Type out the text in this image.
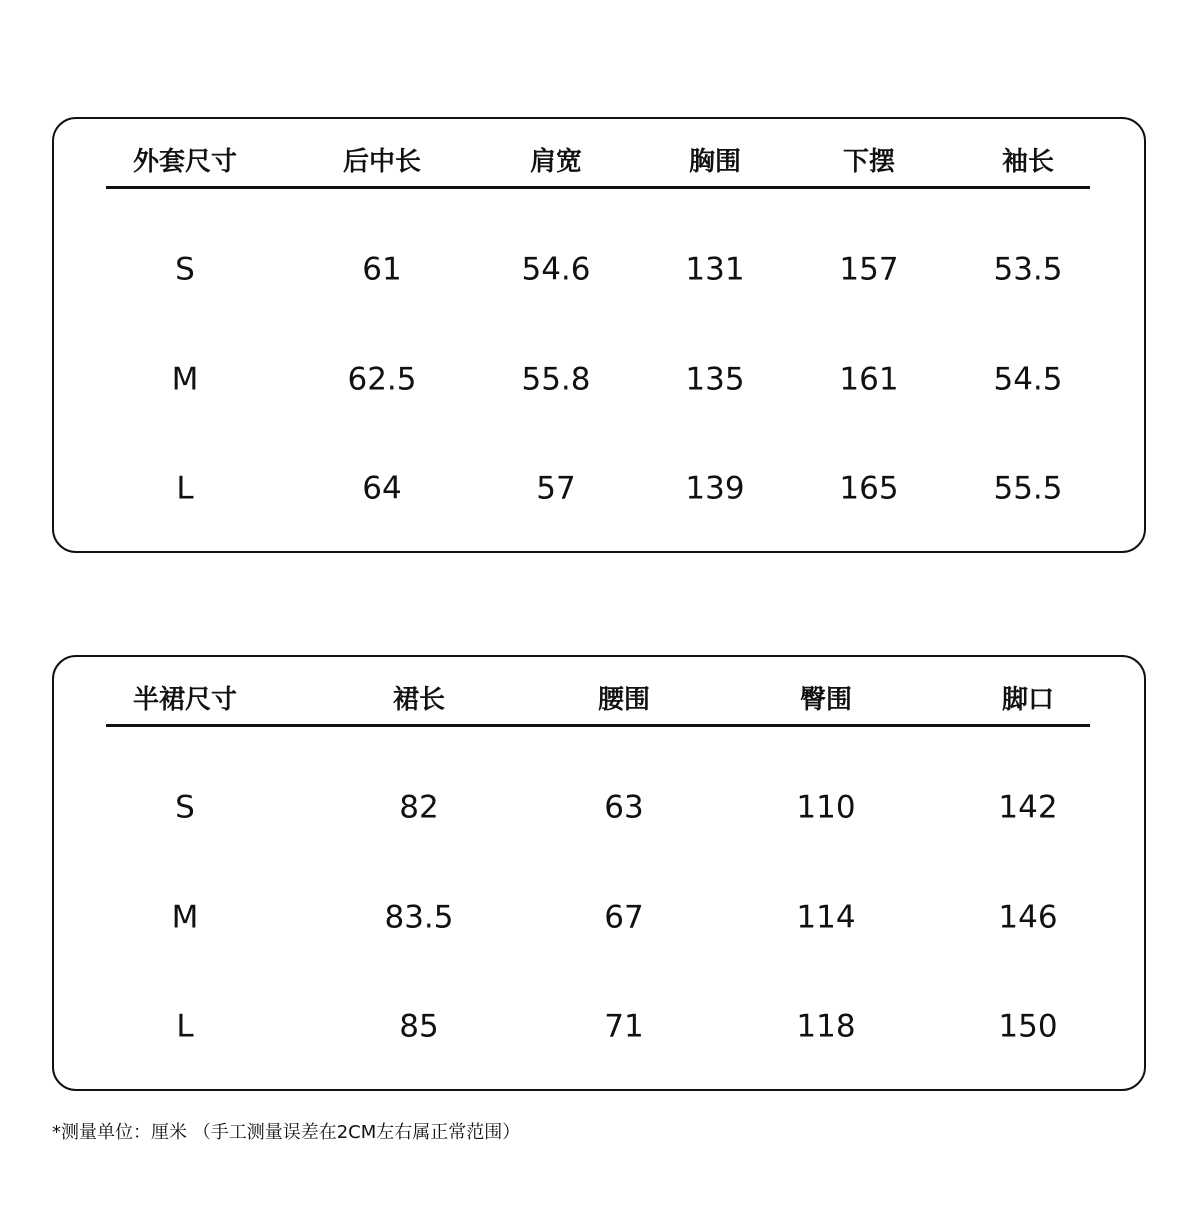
外套尺寸	后中长	肩宽	胸围	下摆	袖长
S	61	54.6	131	157	53.5
M	62.5	55.8	135	161	54.5
L	64	57	139	165	55.5
半裙尺寸	裙长	腰围	臀围	脚口
S	82	63	110	142
M	83.5	67	114	146
L	85	71	118	150
*测量单位：厘米 （手工测量误差在2CM左右属正常范围）
